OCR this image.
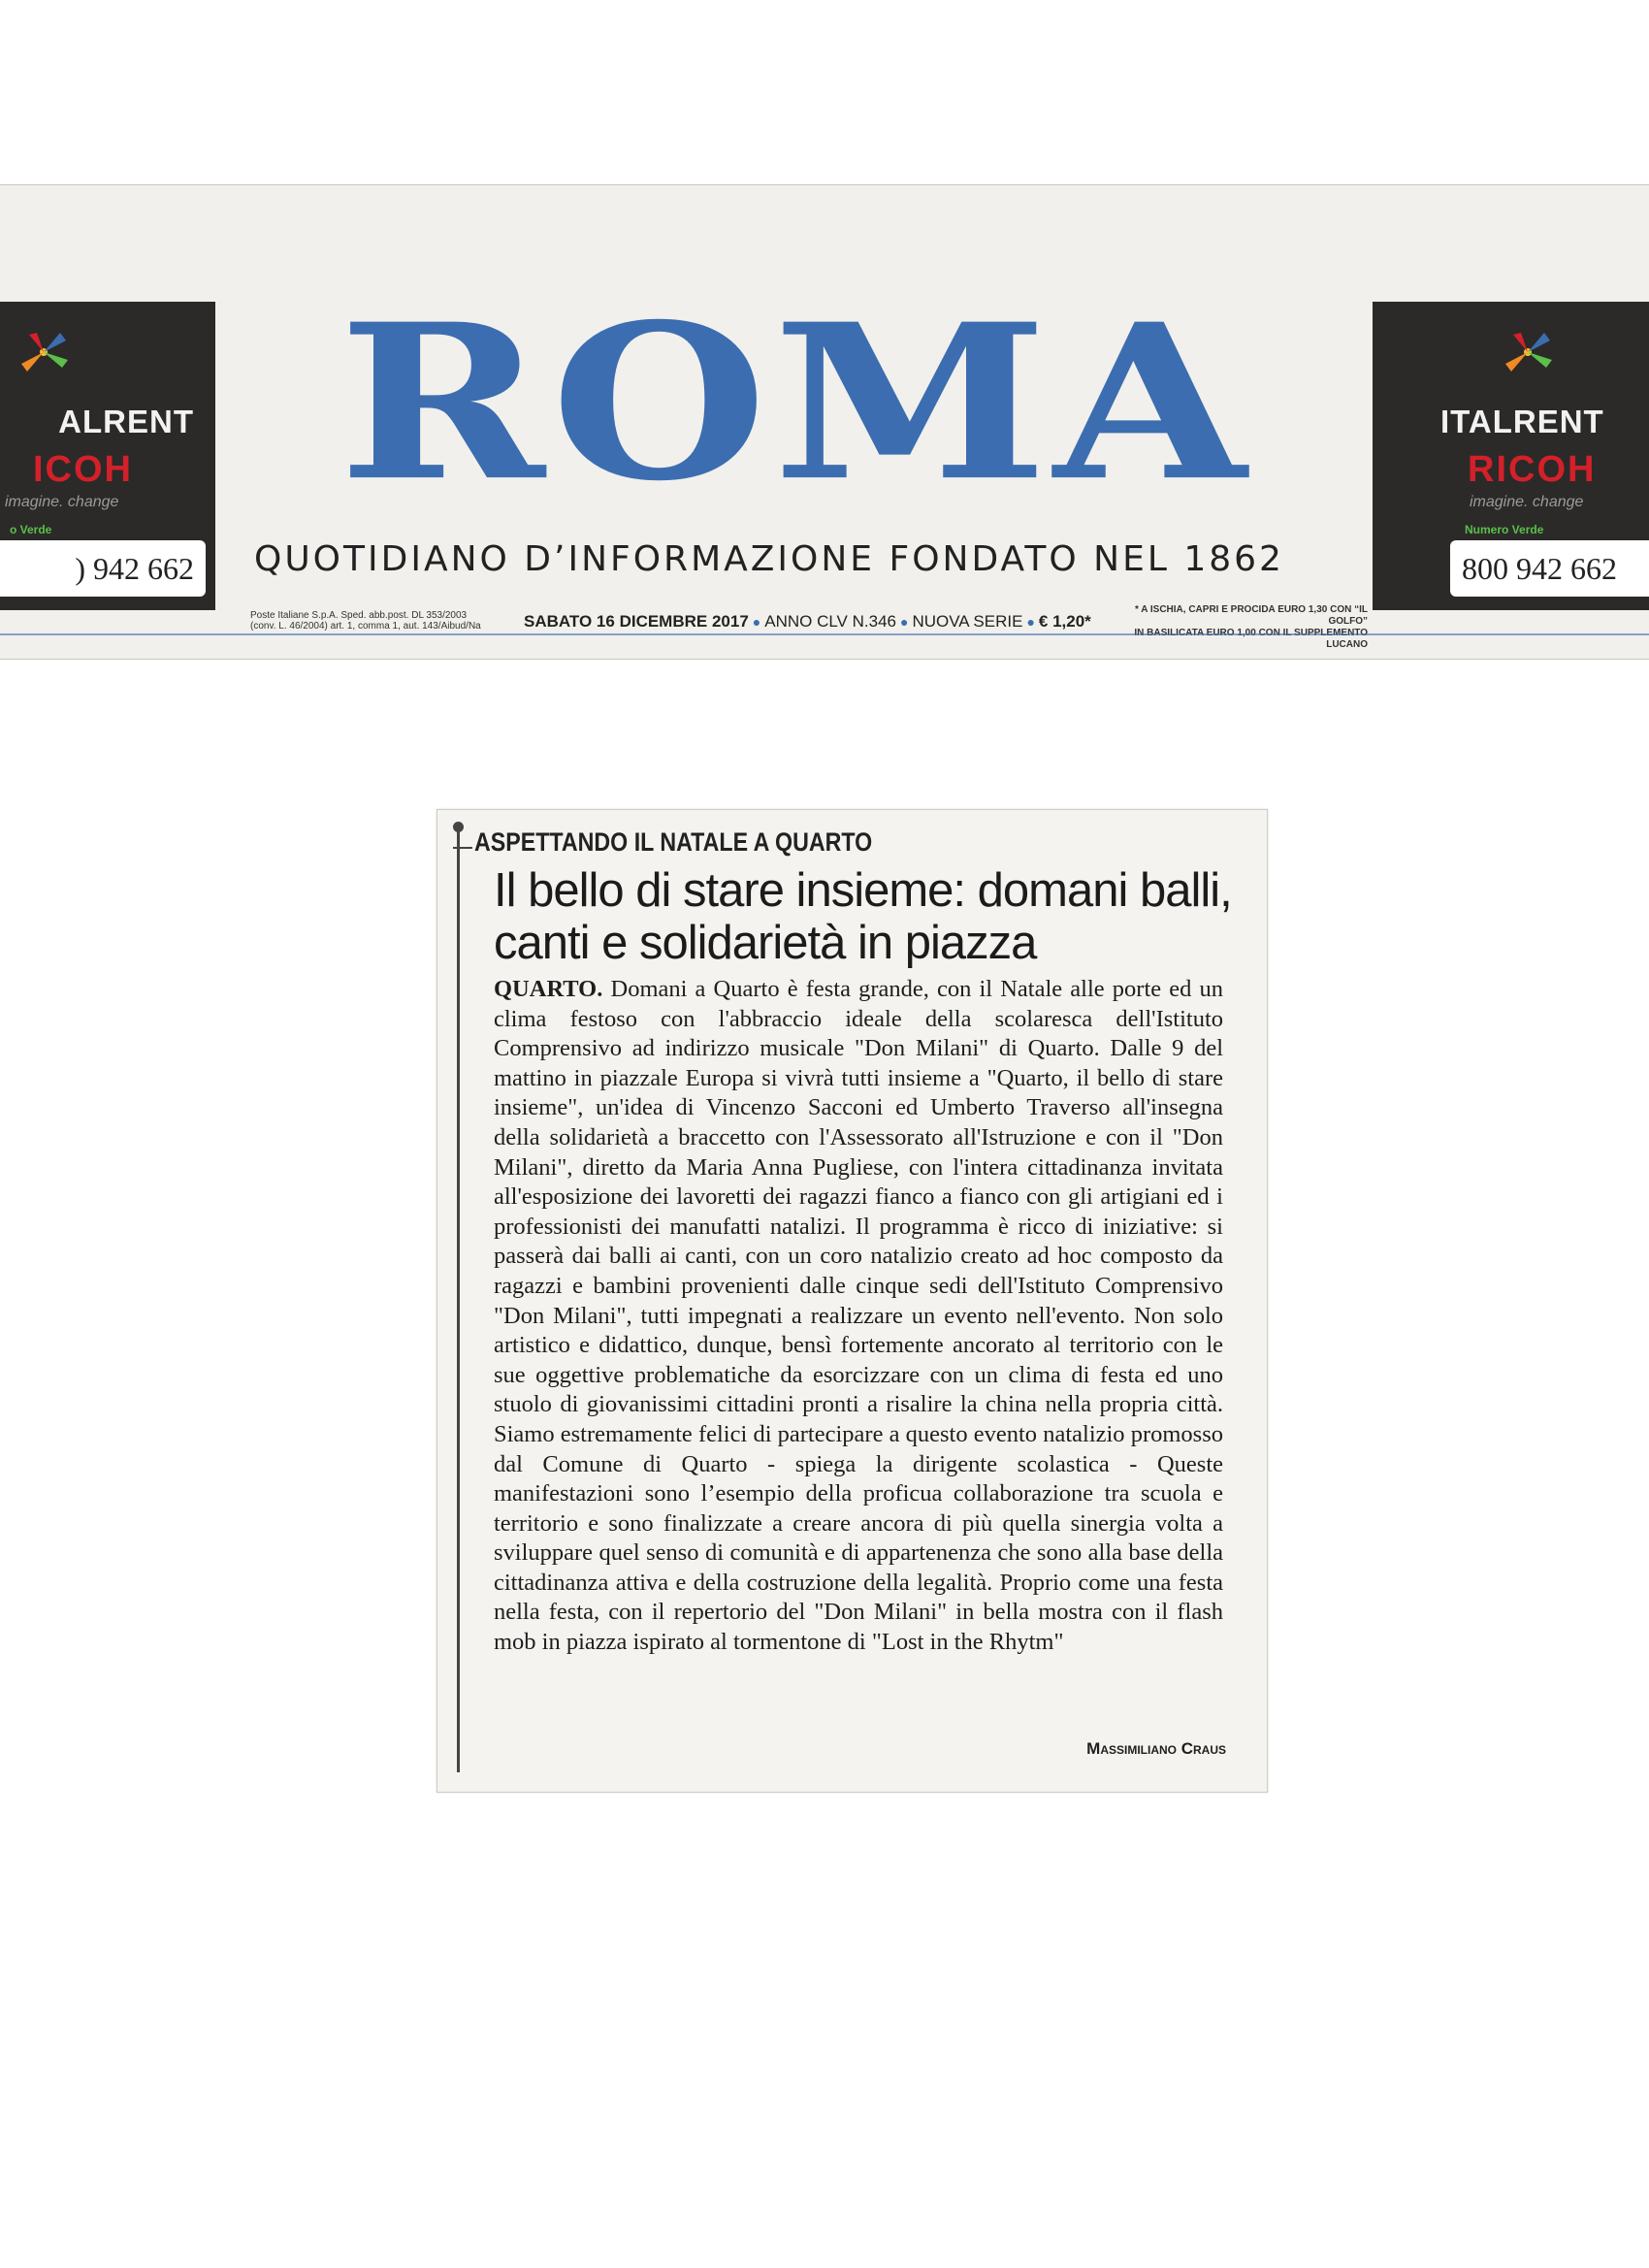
ALRENT
ICOH
imagine. change
o Verde
) 942 662
ROMA
QUOTIDIANO D’INFORMAZIONE FONDATO NEL 1862
Poste Italiane S.p.A. Sped. abb.post. DL 353/2003 (conv. L. 46/2004) art. 1, comma 1, aut. 143/Aibud/Na	SABATO 16 DICEMBRE 2017 ● ANNO CLV N.346 ● NUOVA SERIE ● € 1,20*
* A ISCHIA, CAPRI E PROCIDA EURO 1,30 CON “IL GOLFO”
LUCANO
ITALRENT
RICOH
imagine. change
Numero Verde
800 942 662
ASPETTANDO IL NATALE A QUARTO
Il bello di stare insieme: domani balli, canti e solidarietà in piazza
QUARTO. Domani a Quarto è festa grande, con il Natale alle porte ed un clima festoso con l'abbraccio ideale della scolaresca dell'Istituto Comprensivo ad indirizzo musicale "Don Milani" di Quarto. Dalle 9 del mattino in piazzale Europa si vivrà tutti insieme a "Quarto, il bello di stare insieme", un'idea di Vincenzo Sacconi ed Umberto Traverso all'insegna della solidarietà a braccetto con l'Assessorato all'Istruzione e con il "Don Milani", diretto da Maria Anna Pugliese, con l'intera cittadinanza invitata all'esposizione dei lavoretti dei ragazzi fianco a fianco con gli artigiani ed i professionisti dei manufatti natalizi. Il programma è ricco di iniziative: si passerà dai balli ai canti, con un coro natalizio creato ad hoc composto da ragazzi e bambini provenienti dalle cinque sedi dell'Istituto Comprensivo "Don Milani", tutti impegnati a realizzare un evento nell'evento. Non solo artistico e didattico, dunque, bensì fortemente ancorato al territorio con le sue oggettive problematiche da esorcizzare con un clima di festa ed uno stuolo di giovanissimi cittadini pronti a risalire la china nella propria città. Siamo estremamente felici di partecipare a questo evento natalizio promosso dal Comune di Quarto - spiega la dirigente scolastica - Queste manifestazioni sono l’esempio della proficua collaborazione tra scuola e territorio e sono finalizzate a creare ancora di più quella sinergia volta a sviluppare quel senso di comunità e di appartenenza che sono alla base della cittadinanza attiva e della costruzione della legalità. Proprio come una festa nella festa, con il repertorio del "Don Milani" in bella mostra con il flash mob in piazza ispirato al tormentone di "Lost in the Rhytm"
Massimiliano Craus
